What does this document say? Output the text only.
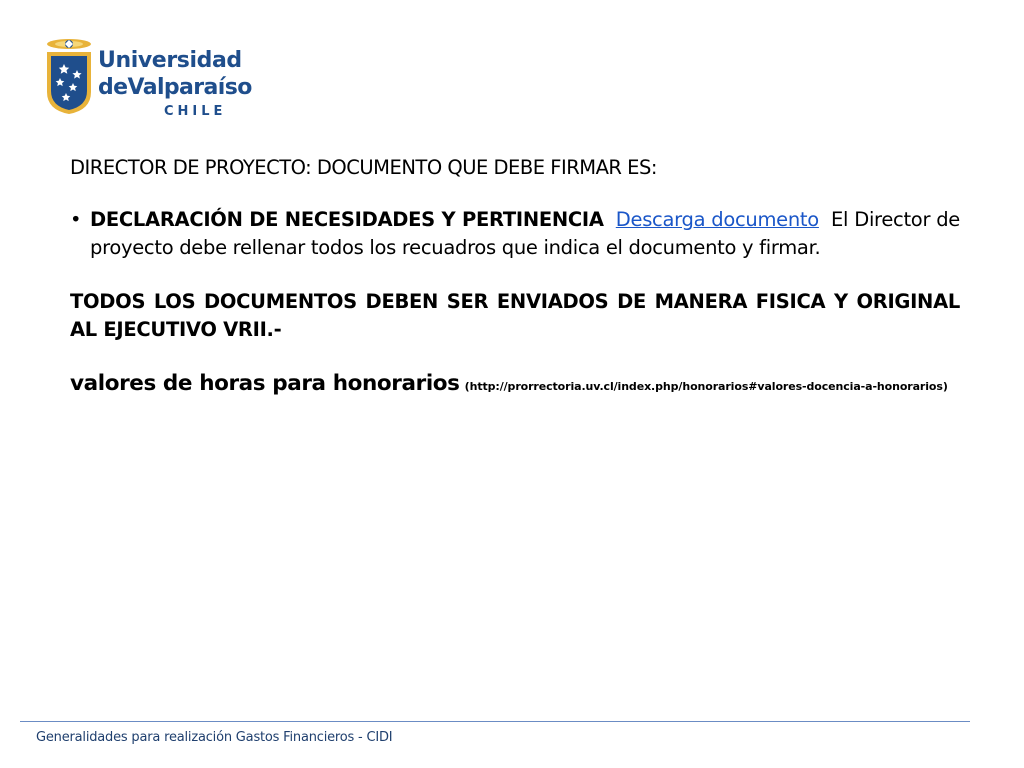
Universidad
deValparaíso
CHILE

DIRECTOR DE PROYECTO: DOCUMENTO QUE DEBE FIRMAR ES:

• DECLARACIÓN DE NECESIDADES Y PERTINENCIA Descarga documento El Director de proyecto debe rellenar todos los recuadros que indica el documento y firmar.

TODOS LOS DOCUMENTOS DEBEN SER ENVIADOS DE MANERA FISICA Y ORIGINAL AL EJECUTIVO VRII.-

valores de horas para honorarios (http://prorrectoria.uv.cl/index.php/honorarios#valores-docencia-a-honorarios)
Generalidades para realización Gastos Financieros - CIDI
